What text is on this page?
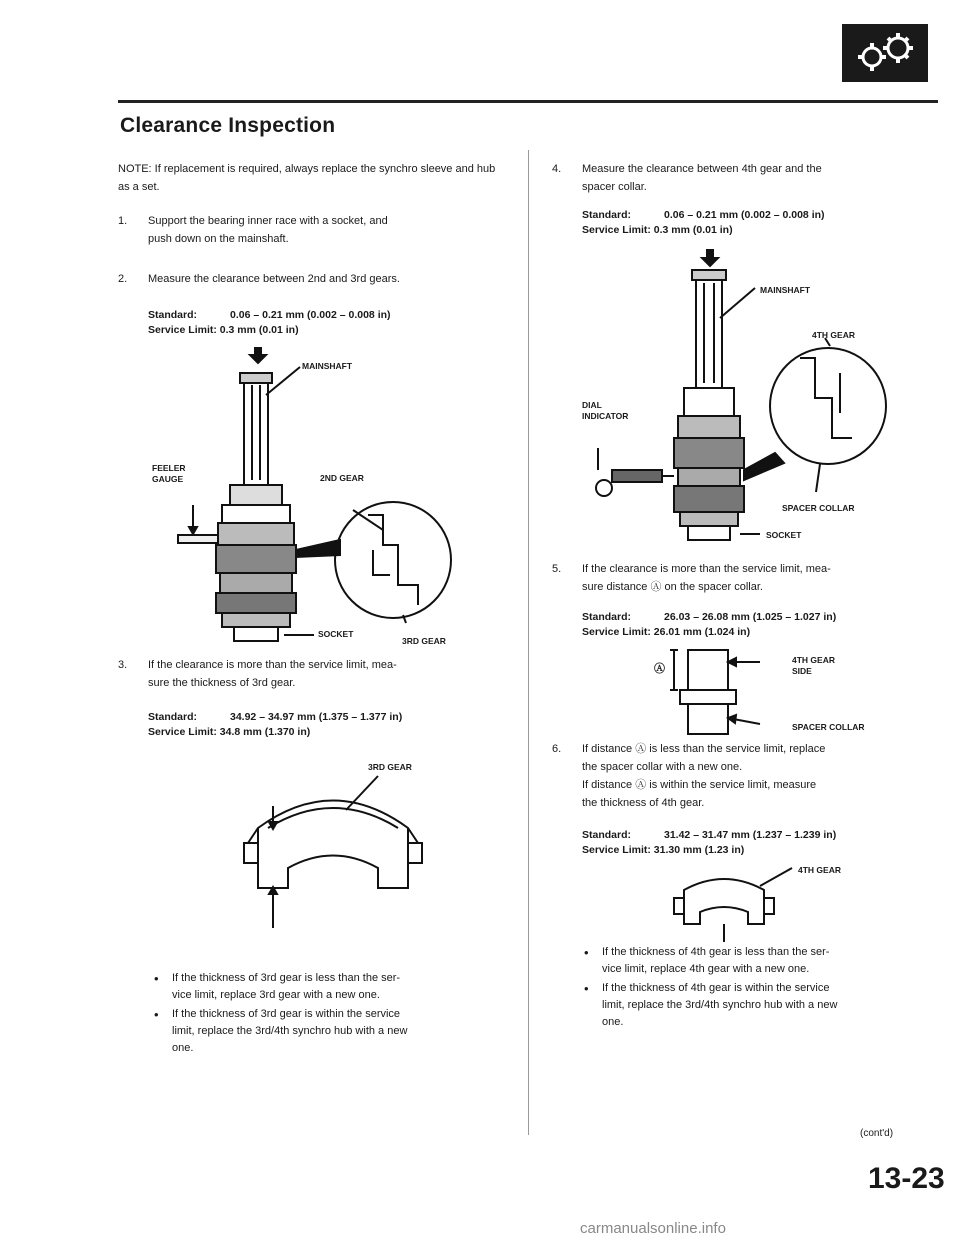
Clearance Inspection
NOTE: If replacement is required, always replace the synchro sleeve and hub as a set.
1. Support the bearing inner race with a socket, and
push down on the mainshaft.
2. Measure the clearance between 2nd and 3rd gears.
Standard:	0.06 – 0.21 mm (0.002 – 0.008 in)
Service Limit: 0.3 mm (0.01 in)
MAINSHAFT
FEELER
GAUGE	2ND GEAR
SOCKET
3RD GEAR
3. If the clearance is more than the service limit, mea-
sure the thickness of 3rd gear.
Standard:	34.92 – 34.97 mm (1.375 – 1.377 in)
Service Limit: 34.8 mm (1.370 in)
3RD GEAR
• If the thickness of 3rd gear is less than the ser-
vice limit, replace 3rd gear with a new one.
• If the thickness of 3rd gear is within the service
limit, replace the 3rd/4th synchro hub with a new
one.
4. Measure the clearance between 4th gear and the
spacer collar.
Standard:	0.06 – 0.21 mm (0.002 – 0.008 in)
Service Limit: 0.3 mm (0.01 in)
MAINSHAFT
4TH GEAR
DIAL
INDICATOR
SPACER COLLAR
SOCKET
5. If the clearance is more than the service limit, mea-
sure distance Ⓐ on the spacer collar.
Standard:	26.03 – 26.08 mm (1.025 – 1.027 in)
Service Limit: 26.01 mm (1.024 in)
Ⓐ
4TH GEAR
SIDE
SPACER COLLAR
6. If distance Ⓐ is less than the service limit, replace
the spacer collar with a new one.
If distance Ⓐ is within the service limit, measure
the thickness of 4th gear.
Standard:	31.42 – 31.47 mm (1.237 – 1.239 in)
Service Limit: 31.30 mm (1.23 in)
4TH GEAR
• If the thickness of 4th gear is less than the ser-
vice limit, replace 4th gear with a new one.
• If the thickness of 4th gear is within the service
limit, replace the 3rd/4th synchro hub with a new
one.
(cont'd)
13-23
carmanualsonline.info
